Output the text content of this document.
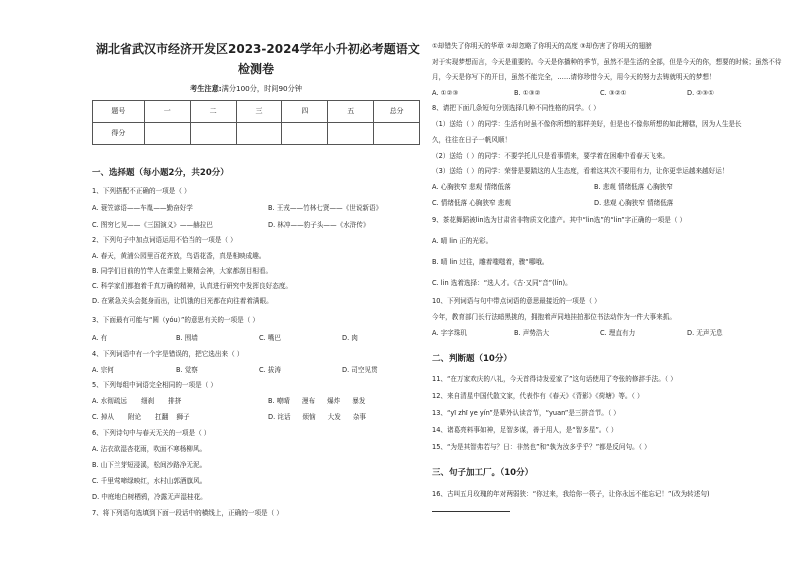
湖北省武汉市经济开发区2023-2024学年小升初必考题语文
检测卷
考生注意:满分100分，时间90分钟
题号	一	二	三	四	五	总分
得分						
一、选择题（每小题2分，共20分）
1、下列搭配不正确的一项是（ ）
A. 蓑笠谚语——车胤——勤奋好学	B. 王戎——竹林七贤——《世说新语》
C. 图穷匕见——《三国演义》——赫拉巴	D. 林冲——豹子头——《水浒传》
2、下列句子中加点词语运用不恰当的一项是（ ）
A. 春天，黄浦公园里百花齐放，鸟语花香，真是相映成趣。
B. 同学们目前的竹竿人在课堂上聚精会神，大家都刮目相看。
C. 科学家们都抱着千真万确的精神，认真进行研究中发挥良好态度。
D. 在紧急关头会挺身而出，让饥饿的目光都在向往着着满眼。
3、下面最有可能与“圆（yóu）”的意思有关的一项是（ ）
A. 有	B. 围墙	C. 嘴巴	D. 肉
4、下列词语中有一个字是错误的，把它选出来（ ）
A. 宗何	B. 觉察	C. 拔涛	D. 司空见贯
5、下列每组中词语完全相同的一项是（ ）
A. 水彻疏远 细刹 排挤	B. 嘹晴 漫布 爆炸 暴发
C. 掉从 附论 扛翻 狮子	D. 诧话 烦恼 大发 杂事
6、下列诗句中与春天无关的一项是（ ）
A. 沾衣欲湿杏花雨，吹面不寒杨柳风。
B. 山下兰芽短浸溪，松间沙路净无泥。
C. 千里莺啼绿映红，水村山郭酒旗风。
D. 中庭地白树栖鸦，冷露无声湿桂花。
7、将下列语句选填到下面一段话中的横线上，正确的一项是（ ）
①却错失了你明天的华章 ②却忽略了你明天的高度 ③却伤害了你明天的翅膀
对于实现梦想而言，今天是重要的。今天是你播种的季节，虽然不是生活的全部，但是今天的你，想要的时候；虽然不待
月，今天是你写下的开目，虽然不能完全，……请你珍惜今天，用今天的努力去铸就明天的梦想！
A. ①②③	B. ①③②	C. ③②①	D. ②③①
8、请把下面几条短句分别选择几种不同性格的同学。（ ）
（1）送给（ ）的同学：生活有时虽不像你所想的那样美好，但是也不像你所想的如此糟糕，因为人生是长
久，往往在日子一帆风顺！
（2）送给（ ）的同学：不要学托儿只是看事情来，要学着在困难中看春天飞来。
（3）送给（ ）的同学：荣誉是要踏这的人生态度，看着这其次不要用有力，让你更幸运越来越好运！
A. 心胸狭窄 悲观 情绪低落	B. 悲观 情绪低落 心胸狭窄
C. 情绪低落 心胸狭窄 悲观	D. 悲观 心胸狭窄 情绪低落
9、茶花舞蹈被lin选为甘肃省非物质文化遗产。其中“lin选”的“lin”字正确的一项是（ ）
A. 晴 lin 正的光彩。
B. 晴 lin 过往，雕着嗤嗤着，骤“哪哦。
C. lin 选着选择：“选人才。《古·又同“音”(lín)。
10、下列词语与句中带点词语的意思最接近的一项是（ ）
今年，教育部门长行法暗黑挑的，拥抱着声同地挂拍那位书法动作为一件大事来抓。
A. 字字珠玑	B. 声势浩大	C. 理直有力	D. 无声无息
二、判断题（10分）
11、“在万家欢庆的八礼，今天首得诗发爱家了”这句话使用了夸张的修辞手法。（ ）
12、来自清星中国代散文家，代表作有《春天》《背影》《荷塘》等。（ ）
13、“yī zhī ye yín”是辈外认读音节，“yuan”是三拼音节。（ ）
14、诸葛亮料事如神，足智多谋，善于用人，是“智多星”。（ ）
15、“为是其智弗若与？日：非然也”和“執为汝多乎乎？”都是反问句。（ ）
三、句子加工厂。（10分）
16、古叫五月玫瑰的年对两弱狭：“你过来，我给你一筷子，让你永远不能忘记！”(改为转述句)
